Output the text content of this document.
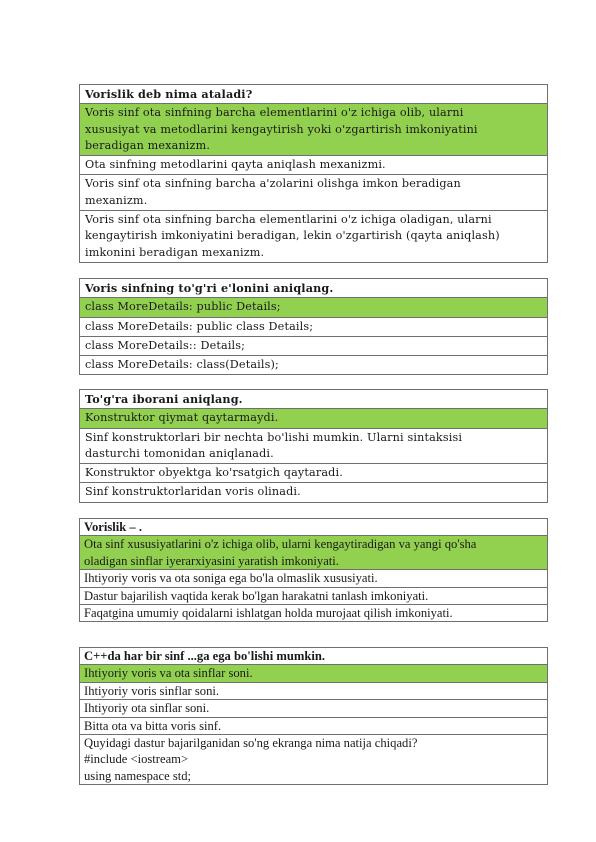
Vorislik deb nima ataladi?
Voris sinf ota sinfning barcha elementlarini o'z ichiga olib, ularni
xususiyat va metodlarini kengaytirish yoki o'zgartirish imkoniyatini
beradigan mexanizm.
Ota sinfning metodlarini qayta aniqlash mexanizmi.
Voris sinf ota sinfning barcha a'zolarini olishga imkon beradigan
mexanizm.
Voris sinf ota sinfning barcha elementlarini o'z ichiga oladigan, ularni
kengaytirish imkoniyatini beradigan, lekin o'zgartirish (qayta aniqlash)
imkonini beradigan mexanizm.
Voris sinfning to'g'ri e'lonini aniqlang.
class MoreDetails: public Details;
class MoreDetails: public class Details;
class MoreDetails:: Details;
class MoreDetails: class(Details);
To'g'ra iborani aniqlang.
Konstruktor qiymat qaytarmaydi.
Sinf konstruktorlari bir nechta bo'lishi mumkin. Ularni sintaksisi
dasturchi tomonidan aniqlanadi.
Konstruktor obyektga ko'rsatgich qaytaradi.
Sinf konstruktorlaridan voris olinadi.
Vorislik – .
Ota sinf xususiyatlarini o'z ichiga olib, ularni kengaytiradigan va yangi qo'sha
oladigan sinflar iyerarxiyasini yaratish imkoniyati.
Ihtiyoriy voris va ota soniga ega bo'la olmaslik xususiyati.
Dastur bajarilish vaqtida kerak bo'lgan harakatni tanlash imkoniyati.
Faqatgina umumiy qoidalarni ishlatgan holda murojaat qilish imkoniyati.
C++da har bir sinf ...ga ega bo'lishi mumkin.
Ihtiyoriy voris va ota sinflar soni.
Ihtiyoriy voris sinflar soni.
Ihtiyoriy ota sinflar soni.
Bitta ota va bitta voris sinf.
Quyidagi dastur bajarilganidan so'ng ekranga nima natija chiqadi?
#include <iostream>
using namespace std;
